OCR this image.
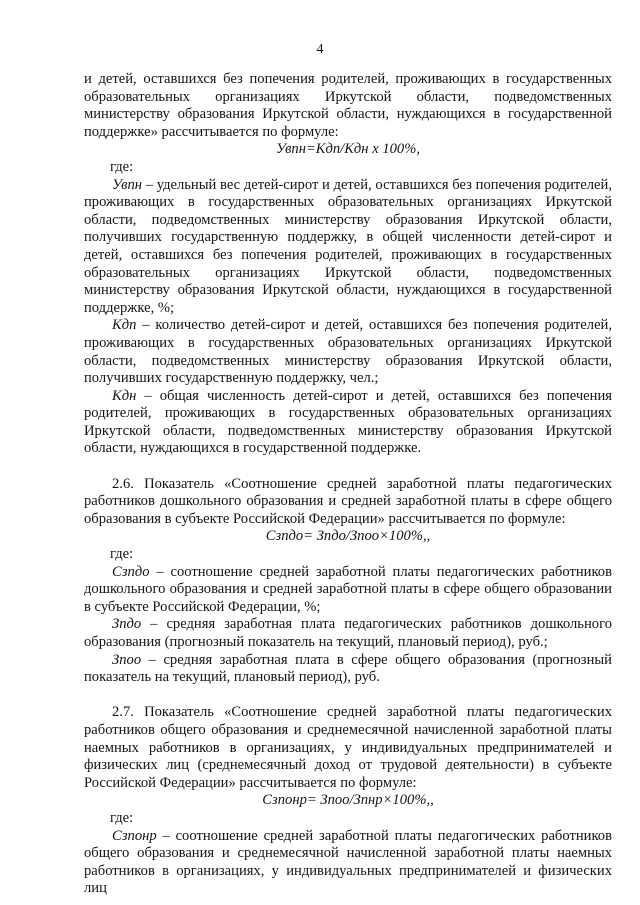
4

и детей, оставшихся без попечения родителей, проживающих в государственных образовательных организациях Иркутской области, подведомственных министерству образования Иркутской области, нуждающихся в государственной поддержке» рассчитывается по формуле:

Увпн=Кдп/Кдн х 100%,

где:

Увпн – удельный вес детей-сирот и детей, оставшихся без попечения родителей, проживающих в государственных образовательных организациях Иркутской области, подведомственных министерству образования Иркутской области, получивших государственную поддержку, в общей численности детей-сирот и детей, оставшихся без попечения родителей, проживающих в государственных образовательных организациях Иркутской области, подведомственных министерству образования Иркутской области, нуждающихся в государственной поддержке, %;

Кдп – количество детей-сирот и детей, оставшихся без попечения родителей, проживающих в государственных образовательных организациях Иркутской области, подведомственных министерству образования Иркутской области, получивших государственную поддержку, чел.;

Кдн – общая численность детей-сирот и детей, оставшихся без попечения родителей, проживающих в государственных образовательных организациях Иркутской области, подведомственных министерству образования Иркутской области, нуждающихся в государственной поддержке.

2.6. Показатель «Соотношение средней заработной платы педагогических работников дошкольного образования и средней заработной платы в сфере общего образования в субъекте Российской Федерации» рассчитывается по формуле:

Сзпдо= Зпдо/Зпоо×100%,,

где:

Сзпдо – соотношение средней заработной платы педагогических работников дошкольного образования и средней заработной платы в сфере общего образовании в субъекте Российской Федерации, %;

Зпдо – средняя заработная плата педагогических работников дошкольного образования (прогнозный показатель на текущий, плановый период), руб.;

Зпоо – средняя заработная плата в сфере общего образования (прогнозный показатель на текущий, плановый период), руб.

2.7. Показатель «Соотношение средней заработной платы педагогических работников общего образования и среднемесячной начисленной заработной платы наемных работников в организациях, у индивидуальных предпринимателей и физических лиц (среднемесячный доход от трудовой деятельности) в субъекте Российской Федерации» рассчитывается по формуле:

Сзпонр= Зпоо/Зпнр×100%,,

где:

Сзпонр – соотношение средней заработной платы педагогических работников общего образования и среднемесячной начисленной заработной платы наемных работников в организациях, у индивидуальных предпринимателей и физических лиц
